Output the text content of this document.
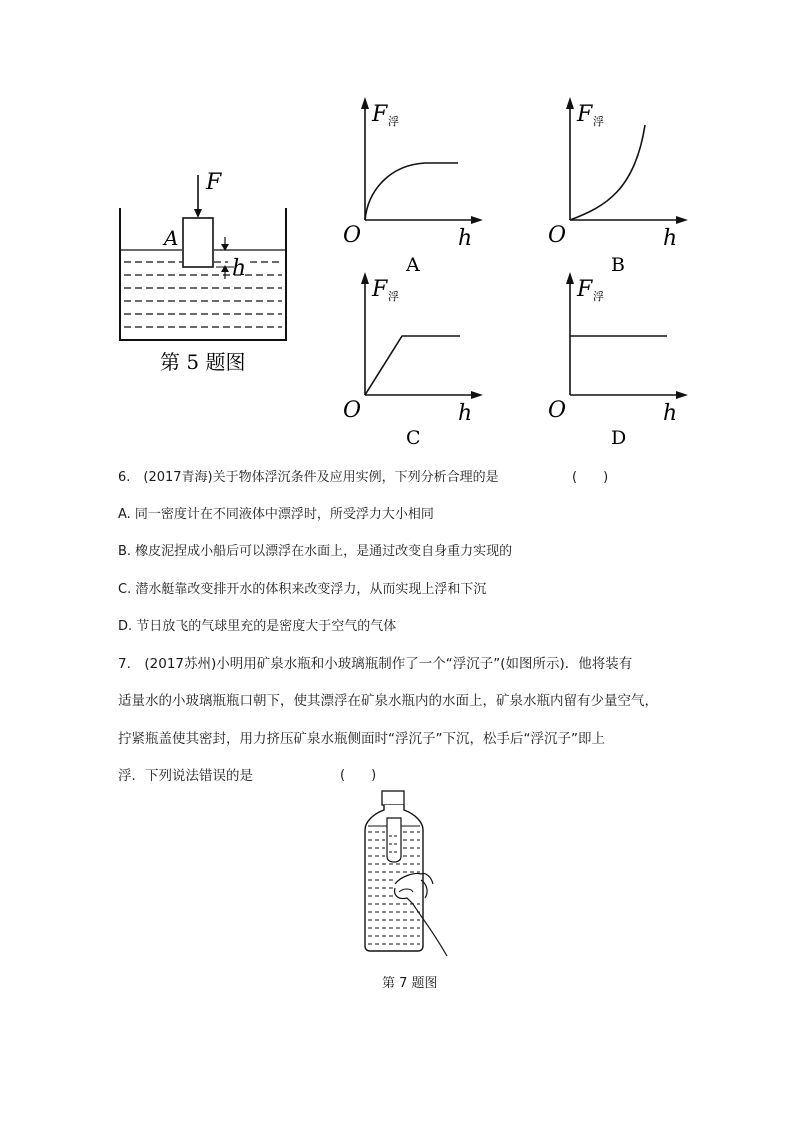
F
A
h
第 5 题图
F 浮
O	h
A
F 浮
O	h
B
F 浮
O	h
C
F 浮
O	h
D
6.　(2017青海)关于物体浮沉条件及应用实例，下列分析合理的是	(　　)
A. 同一密度计在不同液体中漂浮时，所受浮力大小相同
B. 橡皮泥捏成小船后可以漂浮在水面上，是通过改变自身重力实现的
C. 潜水艇靠改变排开水的体积来改变浮力，从而实现上浮和下沉
D. 节日放飞的气球里充的是密度大于空气的气体
7.　(2017苏州)小明用矿泉水瓶和小玻璃瓶制作了一个“浮沉子”(如图所示)．他将装有
适量水的小玻璃瓶瓶口朝下，使其漂浮在矿泉水瓶内的水面上，矿泉水瓶内留有少量空气，
拧紧瓶盖使其密封，用力挤压矿泉水瓶侧面时“浮沉子”下沉，松手后“浮沉子”即上
浮．下列说法错误的是	(　　)
第 7 题图
